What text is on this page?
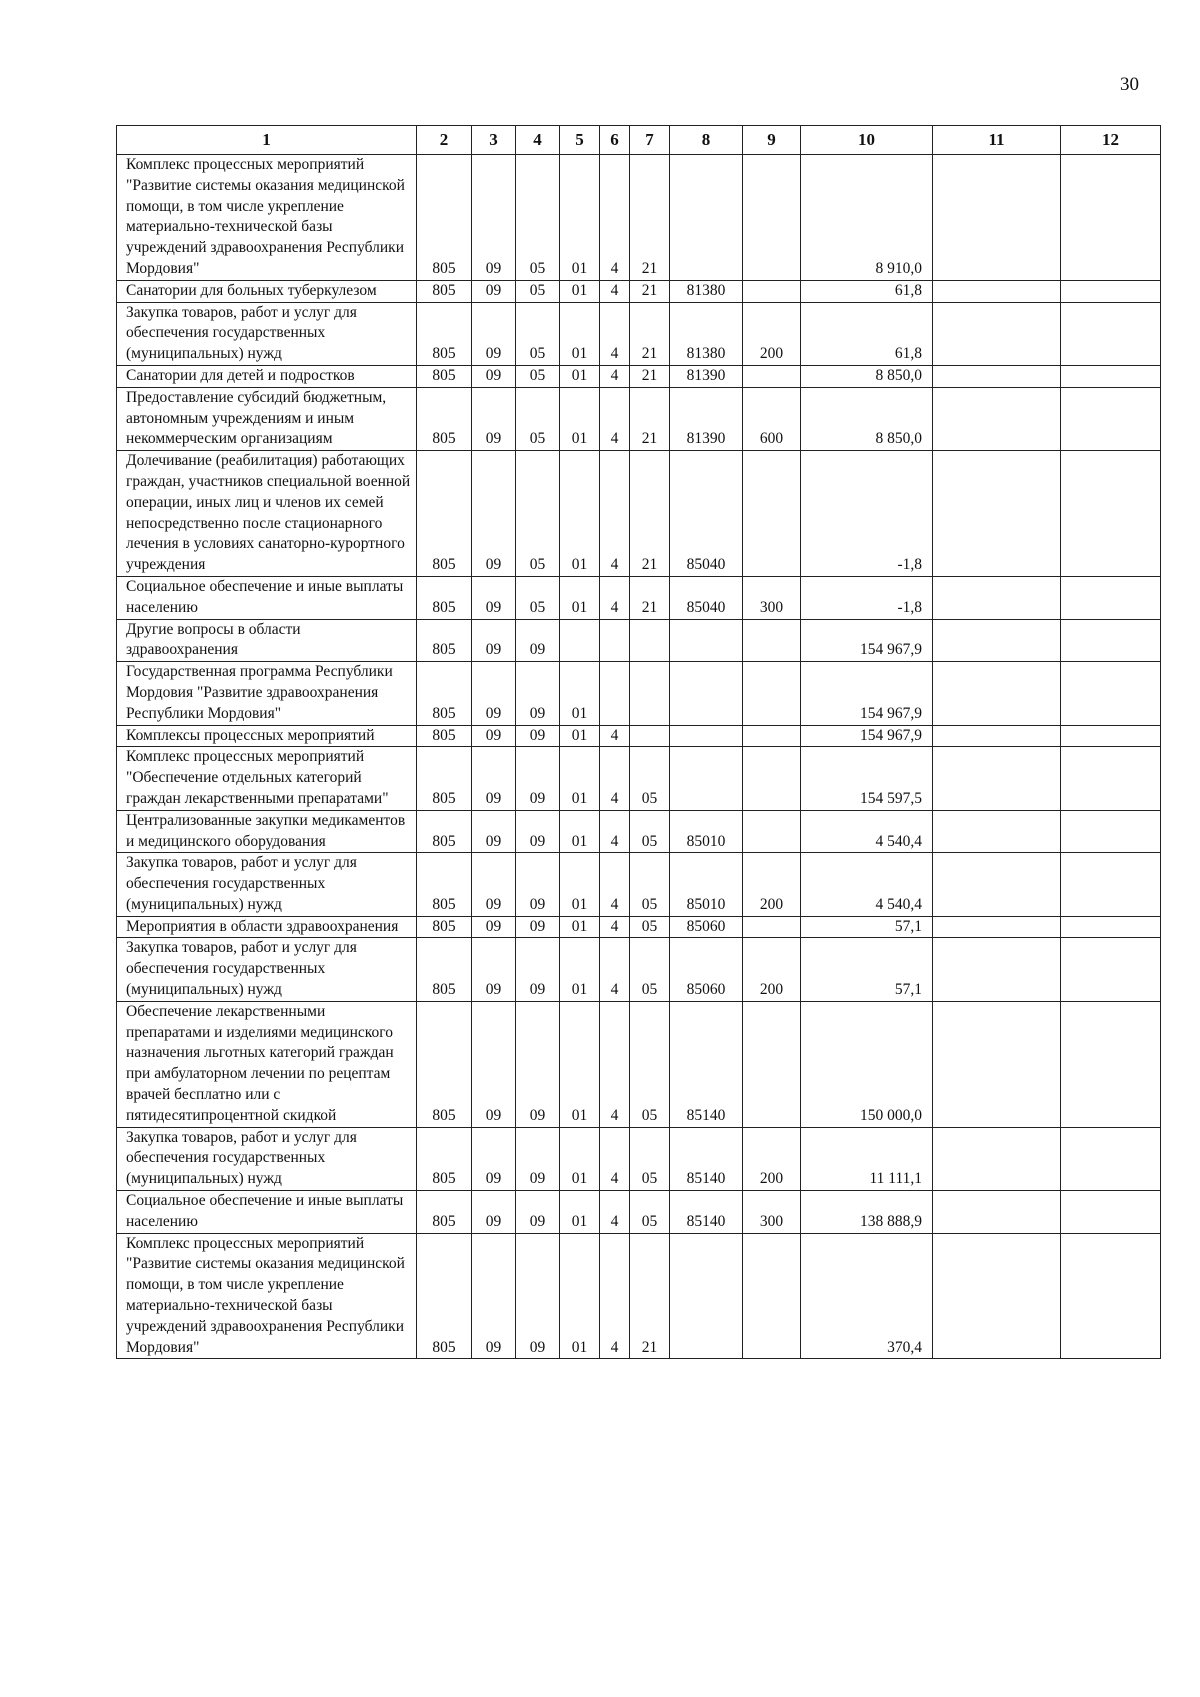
30
1	2	3	4	5	6	7	8	9	10	11	12
Комплекс процессных мероприятий "Развитие системы оказания медицинской помощи, в том числе укрепление материально-технической базы учреждений здравоохранения Республики Мордовия"	805	09	05	01	4	21			8 910,0		
Санатории для больных туберкулезом	805	09	05	01	4	21	81380		61,8		
Закупка товаров, работ и услуг для обеспечения государственных (муниципальных) нужд	805	09	05	01	4	21	81380	200	61,8		
Санатории для детей и подростков	805	09	05	01	4	21	81390		8 850,0		
Предоставление субсидий бюджетным, автономным учреждениям и иным некоммерческим организациям	805	09	05	01	4	21	81390	600	8 850,0		
Долечивание (реабилитация) работающих граждан, участников специальной военной операции, иных лиц и членов их семей непосредственно после стационарного лечения в условиях санаторно-курортного учреждения	805	09	05	01	4	21	85040		-1,8		
Социальное обеспечение и иные выплаты населению	805	09	05	01	4	21	85040	300	-1,8		
Другие вопросы в области здравоохранения	805	09	09						154 967,9		
Государственная программа Республики Мордовия "Развитие здравоохранения Республики Мордовия"	805	09	09	01					154 967,9		
Комплексы процессных мероприятий	805	09	09	01	4				154 967,9		
Комплекс процессных мероприятий "Обеспечение отдельных категорий граждан лекарственными препаратами"	805	09	09	01	4	05			154 597,5		
Централизованные закупки медикаментов и медицинского оборудования	805	09	09	01	4	05	85010		4 540,4		
Закупка товаров, работ и услуг для обеспечения государственных (муниципальных) нужд	805	09	09	01	4	05	85010	200	4 540,4		
Мероприятия в области здравоохранения	805	09	09	01	4	05	85060		57,1		
Закупка товаров, работ и услуг для обеспечения государственных (муниципальных) нужд	805	09	09	01	4	05	85060	200	57,1		
Обеспечение лекарственными препаратами и изделиями медицинского назначения льготных категорий граждан при амбулаторном лечении по рецептам врачей бесплатно или с пятидесятипроцентной скидкой	805	09	09	01	4	05	85140		150 000,0		
Закупка товаров, работ и услуг для обеспечения государственных (муниципальных) нужд	805	09	09	01	4	05	85140	200	11 111,1		
Социальное обеспечение и иные выплаты населению	805	09	09	01	4	05	85140	300	138 888,9		
Комплекс процессных мероприятий "Развитие системы оказания медицинской помощи, в том числе укрепление материально-технической базы учреждений здравоохранения Республики Мордовия"	805	09	09	01	4	21			370,4		
